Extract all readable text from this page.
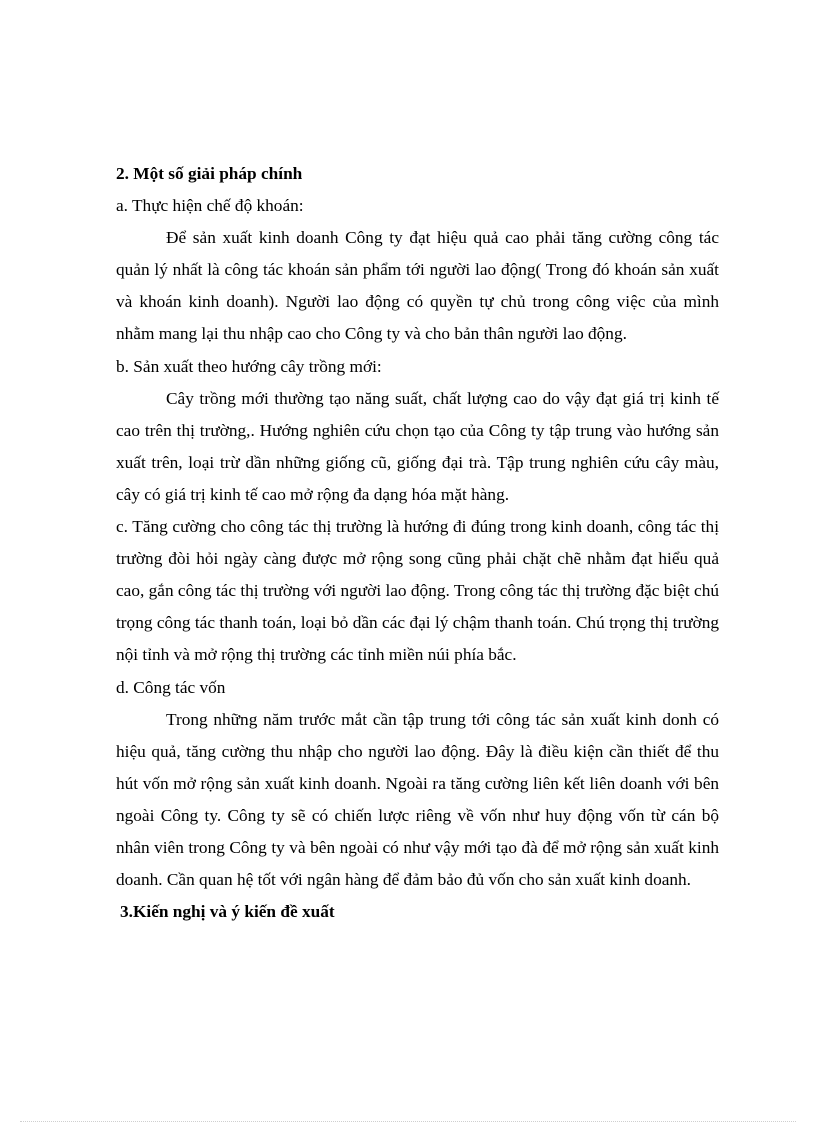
2. Một số giải pháp chính

a. Thực hiện chế độ khoán:

Để sản xuất kinh doanh Công ty đạt hiệu quả cao phải tăng cường công tác quản lý nhất là công tác khoán sản phẩm tới người lao động( Trong đó khoán sản xuất và khoán kinh doanh). Người lao động có quyền tự chủ trong công việc của mình nhằm mang lại thu nhập cao cho Công ty và cho bản thân người lao động.

b. Sản xuất theo hướng cây trồng mới:

Cây trồng mới thường tạo năng suất, chất lượng cao do vậy đạt giá trị kinh tế cao trên thị trường,. Hướng nghiên cứu chọn tạo của Công ty tập trung vào hướng sản xuất trên, loại trừ dần những giống cũ, giống đại trà. Tập trung nghiên cứu cây màu, cây có giá trị kinh tế cao mở rộng đa dạng hóa mặt hàng.

c. Tăng cường cho công tác thị trường là hướng đi đúng trong kinh doanh, công tác thị trường đòi hỏi ngày càng được mở rộng song cũng phải chặt chẽ nhằm đạt hiểu quả cao, gắn công tác thị trường với người lao động. Trong công tác thị trường đặc biệt chú trọng công tác thanh toán, loại bỏ dần các đại lý chậm thanh toán. Chú trọng thị trường nội tỉnh và mở rộng thị trường các tỉnh miền núi phía bắc.

d. Công tác vốn

Trong những năm trước mắt cần tập trung tới công tác sản xuất kinh donh có hiệu quả, tăng cường thu nhập cho người lao động. Đây là điều kiện cần thiết để thu hút vốn mở rộng sản xuất kinh doanh. Ngoài ra tăng cường liên kết liên doanh với bên ngoài Công ty. Công ty sẽ có chiến lược riêng về vốn như huy động vốn từ cán bộ nhân viên trong Công ty và bên ngoài có như vậy mới tạo đà để mở rộng sản xuất kinh doanh. Cần quan hệ tốt với ngân hàng để đảm bảo đủ vốn cho sản xuất kinh doanh.

3.Kiến nghị và ý kiến đề xuất
